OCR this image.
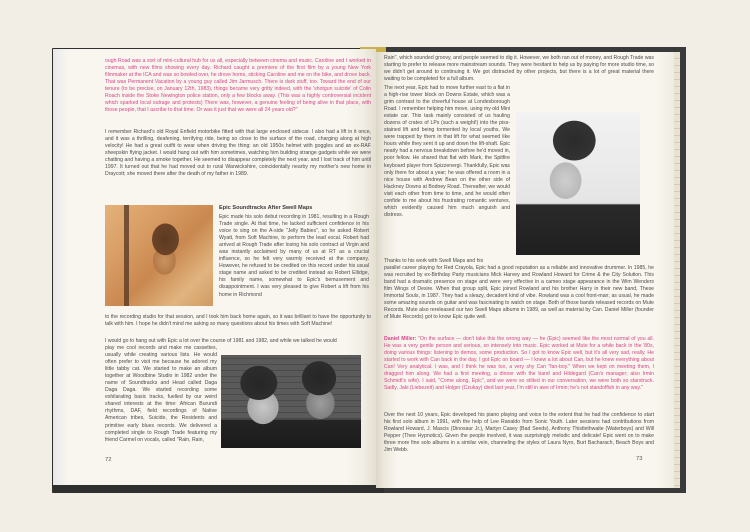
ough Road was a sort of mini-cultural hub for us all, especially between cinema and music. Caroline and I worked in cinemas, with new films showing every day. Richard caught a premiere of the first film by a young New York filmmaker at the ICA and was so bowled over, he drove home, sticking Caroline and me on the bike, and drove back. That was Permanent Vacation by a young guy called Jim Jarmusch. There is dark stuff, too. Toward the end of our tenure (to be precise, on January 12th, 1983), things became very gritty indeed, with the 'shotgun suicide' of Colin Roach inside the Stoke Newington police station, only a few blocks away. (This was a highly controversial incident which sparked local outrage and protests) There was, however, a genuine feeling of being alive in that place, with those people, that I ascribe to that time. Or was it just that we were all 24 years old?"
I remember Richard's old Royal Enfield motorbike fitted with that large enclosed sidecar. I also had a lift in it once, and it was a thrilling, deafening, terrifying ride, being so close to the surface of the road, charging along at high velocity! He had a great outfit to wear when driving the thing: an old 1950s helmet with goggles and an ex-RAF sheepskin flying jacket. I would hang out with him sometimes, watching him building strange gadgets while we were chatting and having a smoke together. He seemed to disappear completely the next year, and I lost track of him until 1997. It turned out that he had moved out to rural Warwickshire, coincidentally nearby my mother's new home in Draycott; she moved there after the death of my father in 1989.
Epic Soundtracks After Swell Maps
Epic made his solo debut recording in 1981, resulting in a Rough Trade single. At that time, he lacked sufficient confidence in his voice to sing on the A-side "Jelly Babies", so he asked Robert Wyatt, from Soft Machine, to perform the lead vocal. Robert had arrived at Rough Trade after losing his solo contract at Virgin and was instantly acclaimed by many of us at RT as a crucial influence, so he felt very warmly received at the company. However, he refused to be credited on this record under his usual stage name and asked to be credited instead as Robert Ellidge, his family name, somewhat to Epic's bemusement and disappointment. I was very pleased to give Robert a lift from his home in Richmond
to the recording studio for that session, and I took him back home again, so it was brilliant to have the opportunity to talk with him. I hope he didn't mind me asking so many questions about his times with Soft Machine!
I would go to hang out with Epic a lot over the course of 1981 and 1982, and while we talked he would
play me cool records and make me cassettes, usually while creating various lists. He would often prefer to visit me because he adored my little tabby cat. We started to make an album together at Woodbine Studio in 1982 under the name of Soundtracks and Head called Daga Daga Daga. We started recording some exhilarating basic tracks, fuelled by our weird shared interests at the time: African Burundi rhythms, DAF, field recordings of Native American tribes, Suicide, the Residents and primitive early blues records. We delivered a completed single to Rough Trade featuring my friend Carmel on vocals, called "Rain, Rain,
72
Rain", which sounded groovy, and people seemed to dig it. However, we both ran out of money, and Rough Trade was starting to prefer to release more mainstream sounds. They were hesitant to help us by paying for more studio time, so we didn't get around to continuing it. We got distracted by other projects, but there is a lot of great material there waiting to be completed for a full album.
The next year, Epic had to move further east to a flat in a high-rise tower block on Downs Estate, which was a grim contrast to the cheerful house at Londesborough Road. I remember helping him move, using my old Mini estate car. This task mainly consisted of us hauling dozens of crates of LPs (such a weight!) into the piss-stained lift and being tormented by local youths. We were trapped by them in that lift for what seemed like hours while they sent it up and down the lift-shaft. Epic nearly had a nervous breakdown before he'd moved in, poor fellow. He shared that flat with Mark, the Spitfire keyboard player from Spizzenergi. Thankfully, Epic was only there for about a year; he was offered a room in a nice house with Andrew Bean on the other side of Hackney Downs at Bodney Road. Thereafter, we would visit each other from time to time, and he would often confide to me about his frustrating romantic ventures, which evidently caused him much anguish and distress.
Thanks to his work with Swell Maps and his
parallel career playing for Red Crayola, Epic had a good reputation as a reliable and innovative drummer. In 1985, he was recruited by ex-Birthday Party musicians Mick Harvey and Rowland Howard for Crime & the City Solution. This band had a dramatic presence on stage and were very effective in a cameo stage appearance in the Wim Wenders film Wings of Desire. When that group split, Epic joined Rowland and his brother Harry in their new band, These Immortal Souls, in 1987. They had a sleazy, decadent kind of vibe. Rowland was a cool front-man; as usual, he made some amazing sounds on guitar and was fascinating to watch on stage. Both of those bands released records on Mute Records. Mute also rereleased our two Swell Maps albums in 1989, as well as material by Can. Daniel Miller (founder of Mute Records) got to know Epic quite well.
Daniel Miller: "On the surface — don't take this the wrong way — he (Epic) seemed like the most normal of you all. He was a very gentle person and serious, so intensely into music. Epic worked at Mute for a while back in the '80s, doing various things: listening to demos, some production. So I got to know Epic well, but it's all very sad, really. He started to work with Can back in the day. I got Epic on board — I knew a lot about Can, but he knew everything about Can! Very analytical. I was, and I think he was too, a very shy Can "fan-boy." When we kept on meeting them, I dragged him along. We had a first meeting, a dinner with the band and Hildegard (Can's manager; also Irmin Schmidt's wife). I said, "Come along, Epic", and we were so stilted in our conversation, we were both so starstruck. Sadly, Jaki (Liebezeit) and Holger (Czukay) died last year, I'm still in awe of Irmin; he's not standoffish in any way."
Over the next 10 years, Epic developed his piano playing and voice to the extent that he had the confidence to start his first solo album in 1991, with the help of Lee Ranaldo from Sonic Youth. Later sessions had contributions from Rowland Howard, J. Mascis (Dinosaur Jr.), Martyn Casey (Bad Seeds), Anthony Thistlethwaite (Waterboys) and Will Pepper (Thee Hypnotics). Given the people involved, it was surprisingly melodic and delicate! Epic went on to make three more fine solo albums in a similar vein, channeling the styles of Laura Nyro, Burt Bacharach, Beach Boys and Jim Webb.
73
